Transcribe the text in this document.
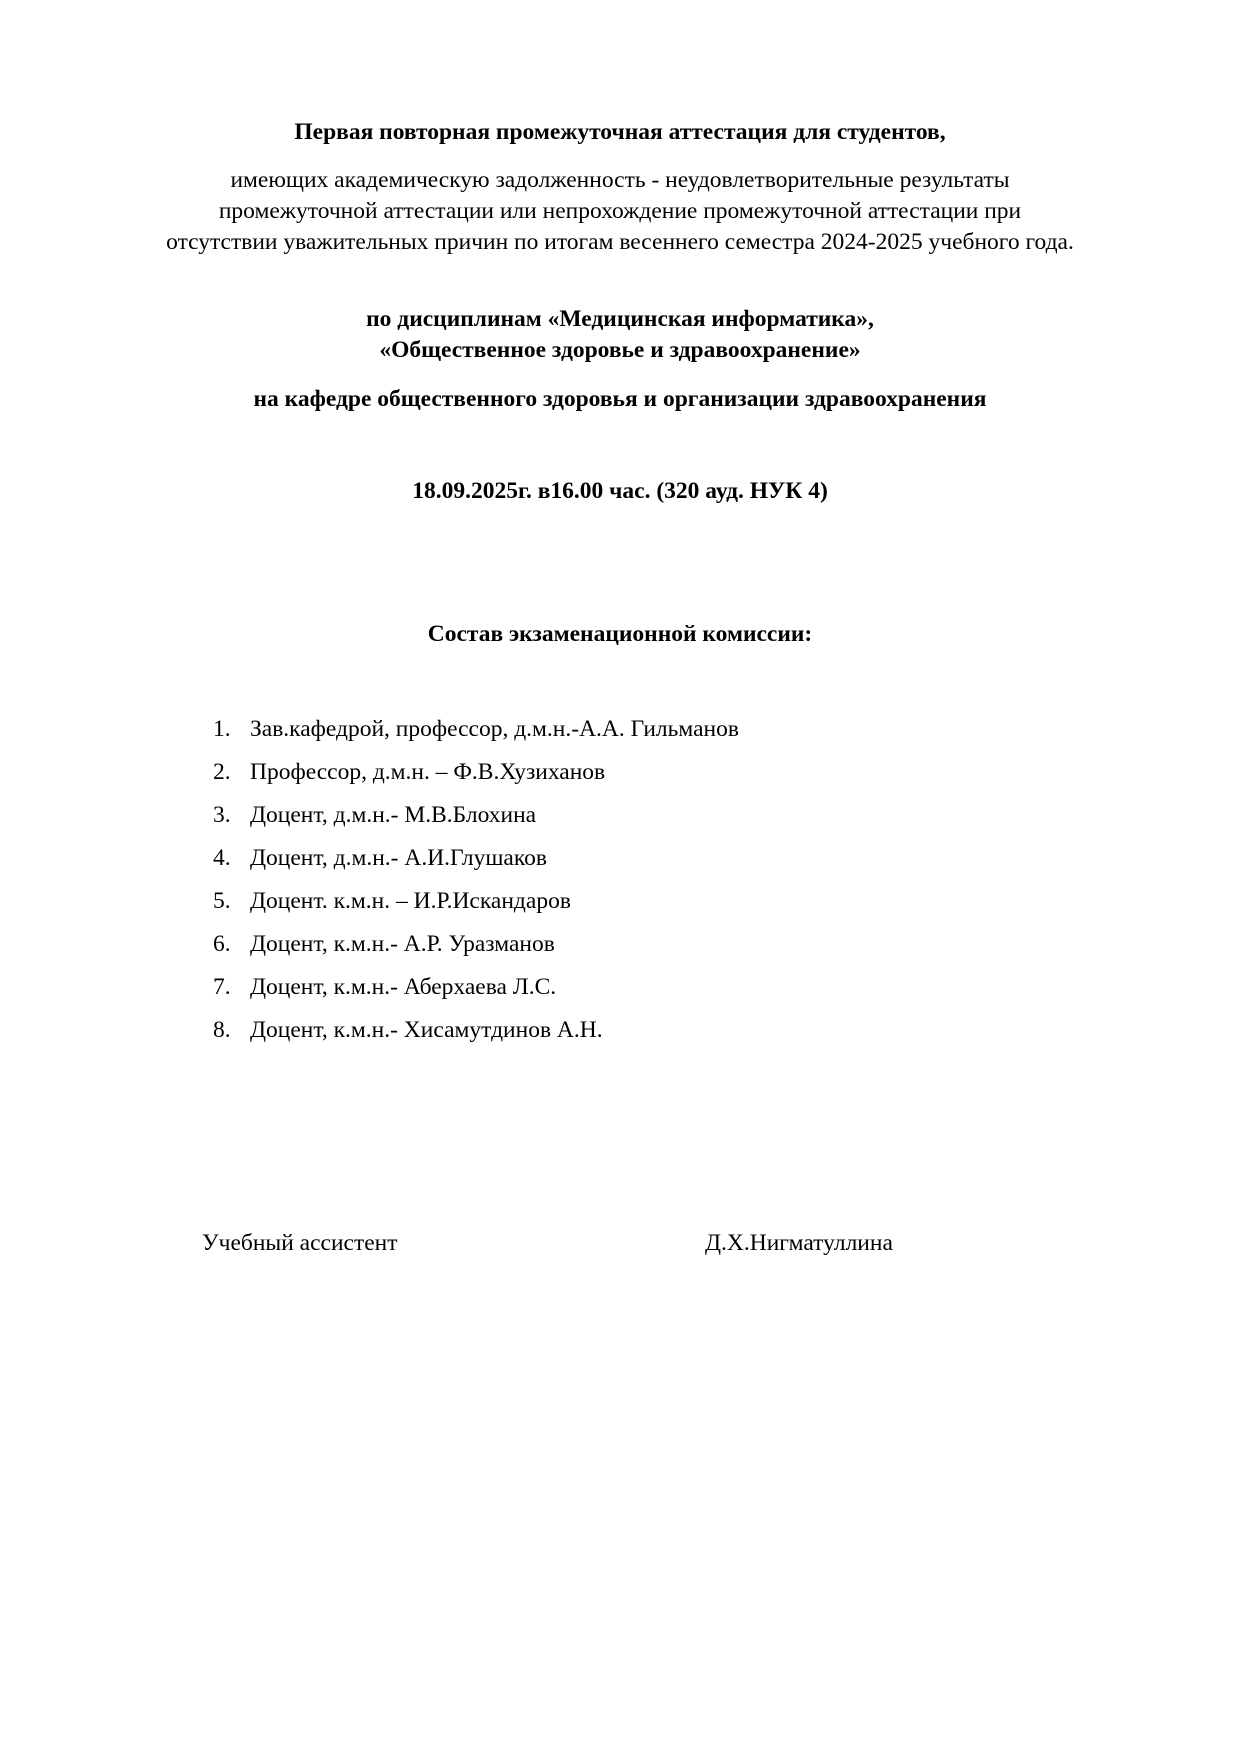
Первая повторная промежуточная аттестация для студентов,
имеющих академическую задолженность - неудовлетворительные результаты
промежуточной аттестации или непрохождение промежуточной аттестации при
отсутствии уважительных причин по итогам весеннего семестра 2024-2025 учебного года.
по дисциплинам «Медицинская информатика»,
«Общественное здоровье и здравоохранение»
на кафедре общественного здоровья и организации здравоохранения
18.09.2025г. в16.00 час. (320 ауд. НУК 4)
Состав экзаменационной комиссии:
1. Зав.кафедрой, профессор, д.м.н.-А.А. Гильманов
2. Профессор, д.м.н. – Ф.В.Хузиханов
3. Доцент, д.м.н.- М.В.Блохина
4. Доцент, д.м.н.- А.И.Глушаков
5. Доцент. к.м.н. – И.Р.Искандаров
6. Доцент, к.м.н.- А.Р. Уразманов
7. Доцент, к.м.н.- Аберхаева Л.С.
8. Доцент, к.м.н.- Хисамутдинов А.Н.
Учебный ассистент	Д.Х.Нигматуллина
